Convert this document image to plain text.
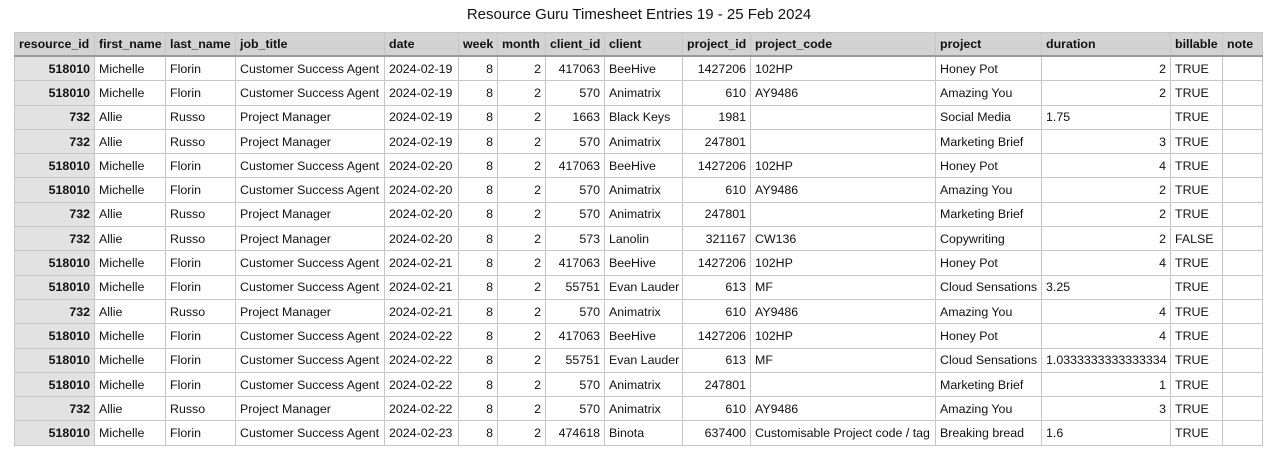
Resource Guru Timesheet Entries 19 - 25 Feb 2024
resource_id	first_name	last_name	job_title	date	week	month	client_id	client	project_id	project_code	project	duration	billable	note
518010	Michelle	Florin	Customer Success Agent	2024-02-19	8	2	417063	BeeHive	1427206	102HP	Honey Pot	2	TRUE	
518010	Michelle	Florin	Customer Success Agent	2024-02-19	8	2	570	Animatrix	610	AY9486	Amazing You	2	TRUE	
732	Allie	Russo	Project Manager	2024-02-19	8	2	1663	Black Keys	1981		Social Media	1.75	TRUE	
732	Allie	Russo	Project Manager	2024-02-19	8	2	570	Animatrix	247801		Marketing Brief	3	TRUE	
518010	Michelle	Florin	Customer Success Agent	2024-02-20	8	2	417063	BeeHive	1427206	102HP	Honey Pot	4	TRUE	
518010	Michelle	Florin	Customer Success Agent	2024-02-20	8	2	570	Animatrix	610	AY9486	Amazing You	2	TRUE	
732	Allie	Russo	Project Manager	2024-02-20	8	2	570	Animatrix	247801		Marketing Brief	2	TRUE	
732	Allie	Russo	Project Manager	2024-02-20	8	2	573	Lanolin	321167	CW136	Copywriting	2	FALSE	
518010	Michelle	Florin	Customer Success Agent	2024-02-21	8	2	417063	BeeHive	1427206	102HP	Honey Pot	4	TRUE	
518010	Michelle	Florin	Customer Success Agent	2024-02-21	8	2	55751	Evan Lauder	613	MF	Cloud Sensations	3.25	TRUE	
732	Allie	Russo	Project Manager	2024-02-21	8	2	570	Animatrix	610	AY9486	Amazing You	4	TRUE	
518010	Michelle	Florin	Customer Success Agent	2024-02-22	8	2	417063	BeeHive	1427206	102HP	Honey Pot	4	TRUE	
518010	Michelle	Florin	Customer Success Agent	2024-02-22	8	2	55751	Evan Lauder	613	MF	Cloud Sensations	1.0333333333333334	TRUE	
518010	Michelle	Florin	Customer Success Agent	2024-02-22	8	2	570	Animatrix	247801		Marketing Brief	1	TRUE	
732	Allie	Russo	Project Manager	2024-02-22	8	2	570	Animatrix	610	AY9486	Amazing You	3	TRUE	
518010	Michelle	Florin	Customer Success Agent	2024-02-23	8	2	474618	Binota	637400	Customisable Project code / tag	Breaking bread	1.6	TRUE	
